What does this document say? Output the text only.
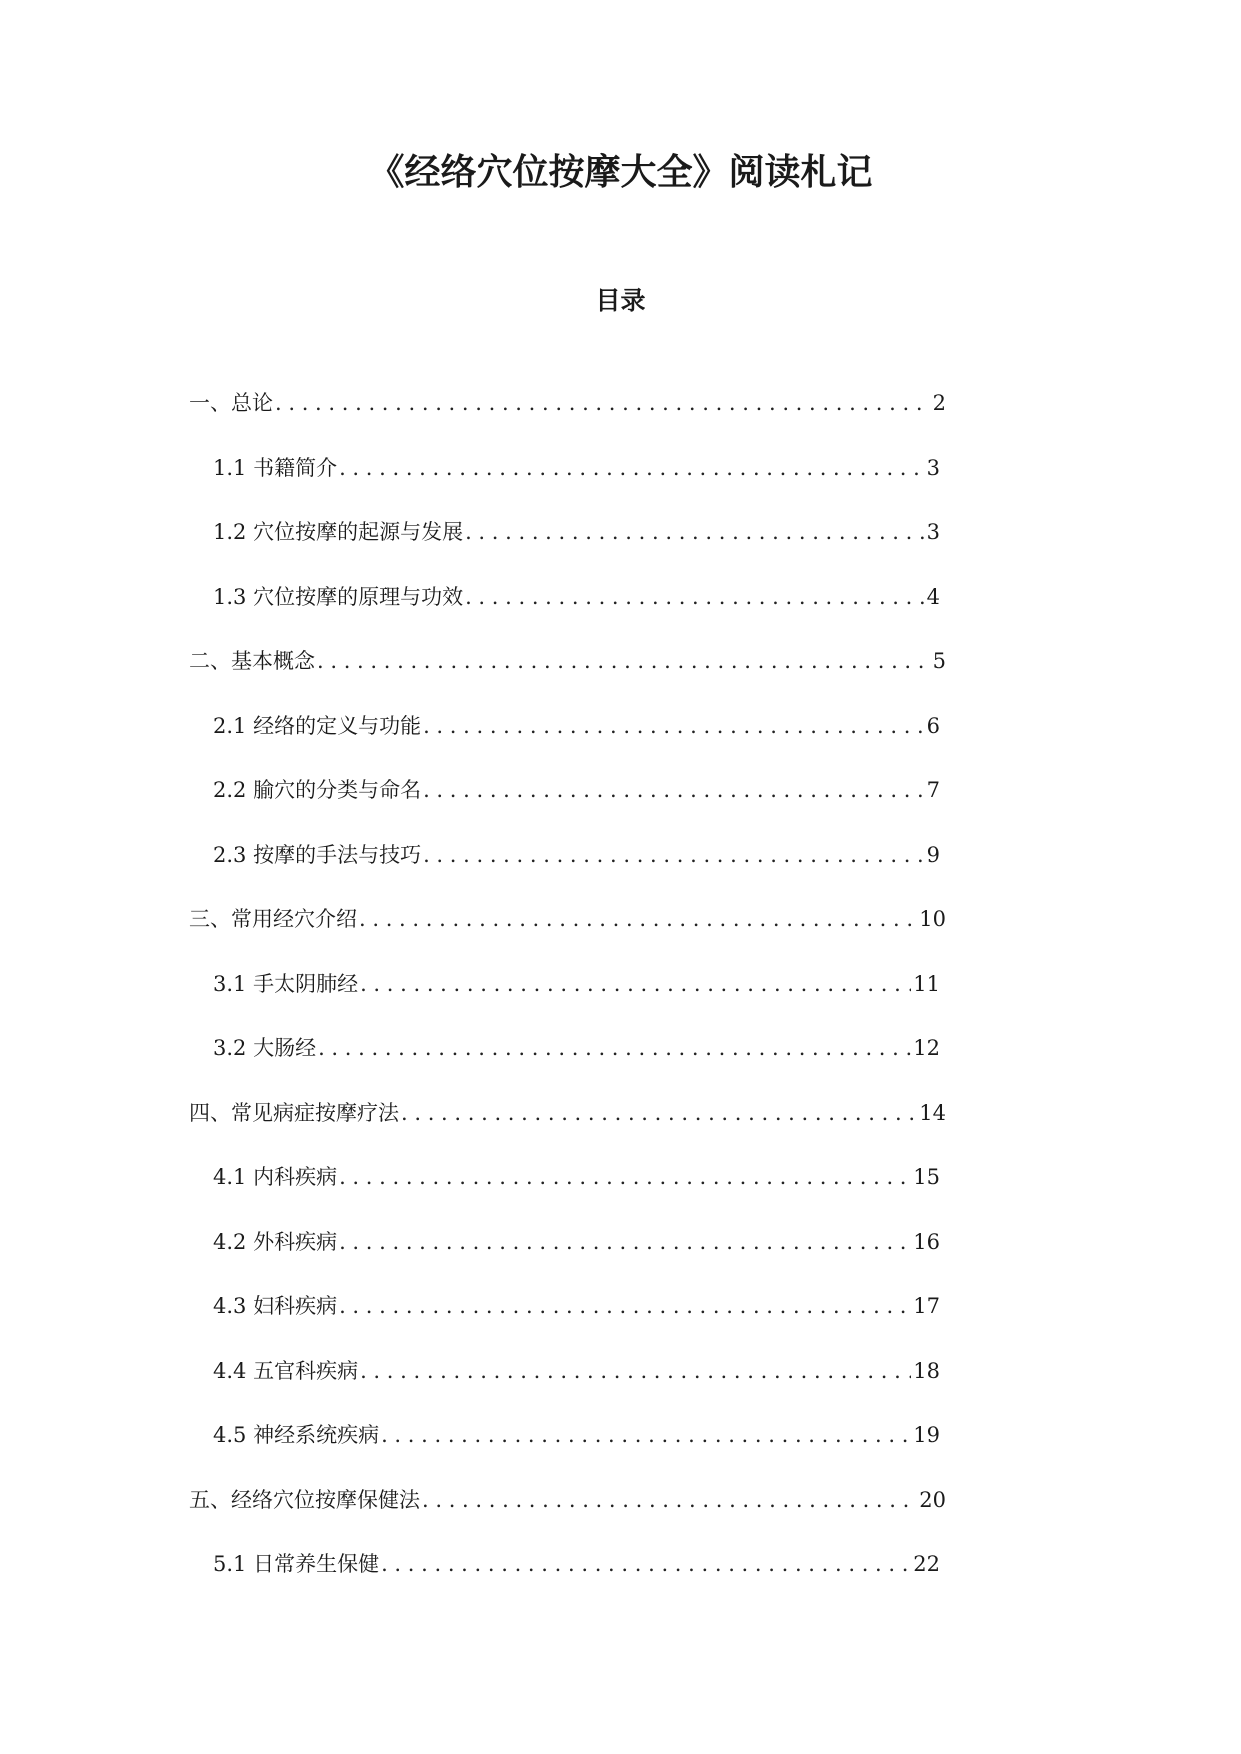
《经络穴位按摩大全》阅读札记
目录
一、总论 . . .	2
1.1 书籍简介 . . .	3
1.2 穴位按摩的起源与发展 . . .	3
1.3 穴位按摩的原理与功效 . . .	4
二、基本概念 . . .	5
2.1 经络的定义与功能 . . .	6
2.2 腧穴的分类与命名 . . .	7
2.3 按摩的手法与技巧 . . .	9
三、常用经穴介绍 . . .	10
3.1 手太阴肺经 . . .	11
3.2 大肠经 . . .	12
四、常见病症按摩疗法 . . .	14
4.1 内科疾病 . . .	15
4.2 外科疾病 . . .	16
4.3 妇科疾病 . . .	17
4.4 五官科疾病 . . .	18
4.5 神经系统疾病 . . .	19
五、经络穴位按摩保健法 . . .	20
5.1 日常养生保健 . . .	22
